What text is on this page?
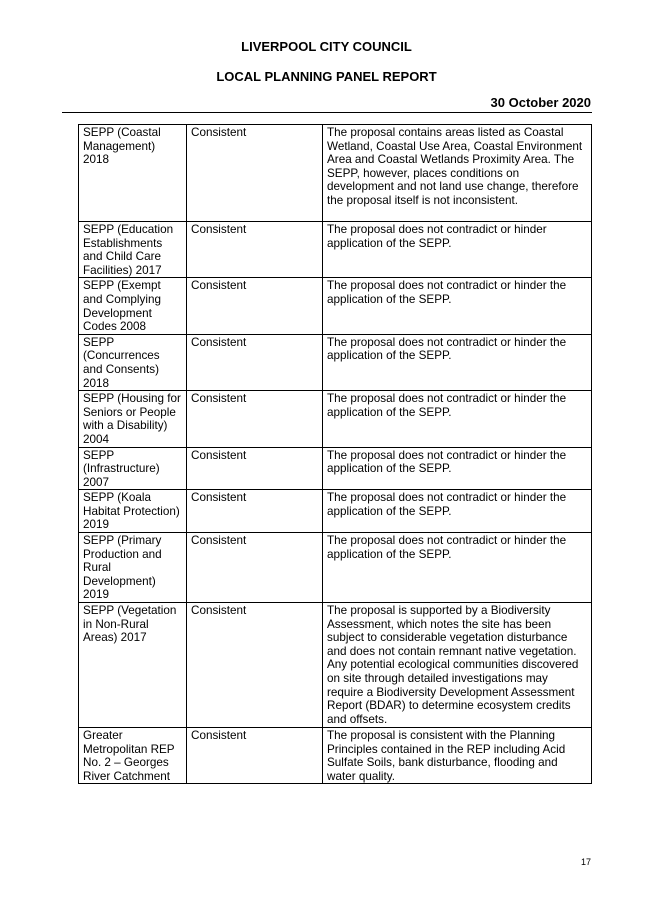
LIVERPOOL CITY COUNCIL
LOCAL PLANNING PANEL REPORT
30 October 2020
SEPP (Coastal Management) 2018	Consistent	The proposal contains areas listed as Coastal Wetland, Coastal Use Area, Coastal Environment Area and Coastal Wetlands Proximity Area. The SEPP, however, places conditions on development and not land use change, therefore the proposal itself is not inconsistent.
SEPP (Education Establishments and Child Care Facilities) 2017	Consistent	The proposal does not contradict or hinder application of the SEPP.
SEPP (Exempt and Complying Development Codes 2008	Consistent	The proposal does not contradict or hinder the application of the SEPP.
SEPP (Concurrences and Consents) 2018	Consistent	The proposal does not contradict or hinder the application of the SEPP.
SEPP (Housing for Seniors or People with a Disability) 2004	Consistent	The proposal does not contradict or hinder the application of the SEPP.
SEPP (Infrastructure) 2007	Consistent	The proposal does not contradict or hinder the application of the SEPP.
SEPP (Koala Habitat Protection) 2019	Consistent	The proposal does not contradict or hinder the application of the SEPP.
SEPP (Primary Production and Rural Development) 2019	Consistent	The proposal does not contradict or hinder the application of the SEPP.
SEPP (Vegetation in Non-Rural Areas) 2017	Consistent	The proposal is supported by a Biodiversity Assessment, which notes the site has been subject to considerable vegetation disturbance and does not contain remnant native vegetation. Any potential ecological communities discovered on site through detailed investigations may require a Biodiversity Development Assessment Report (BDAR) to determine ecosystem credits and offsets.
Greater Metropolitan REP No. 2 – Georges River Catchment	Consistent	The proposal is consistent with the Planning Principles contained in the REP including Acid Sulfate Soils, bank disturbance, flooding and water quality.
17
